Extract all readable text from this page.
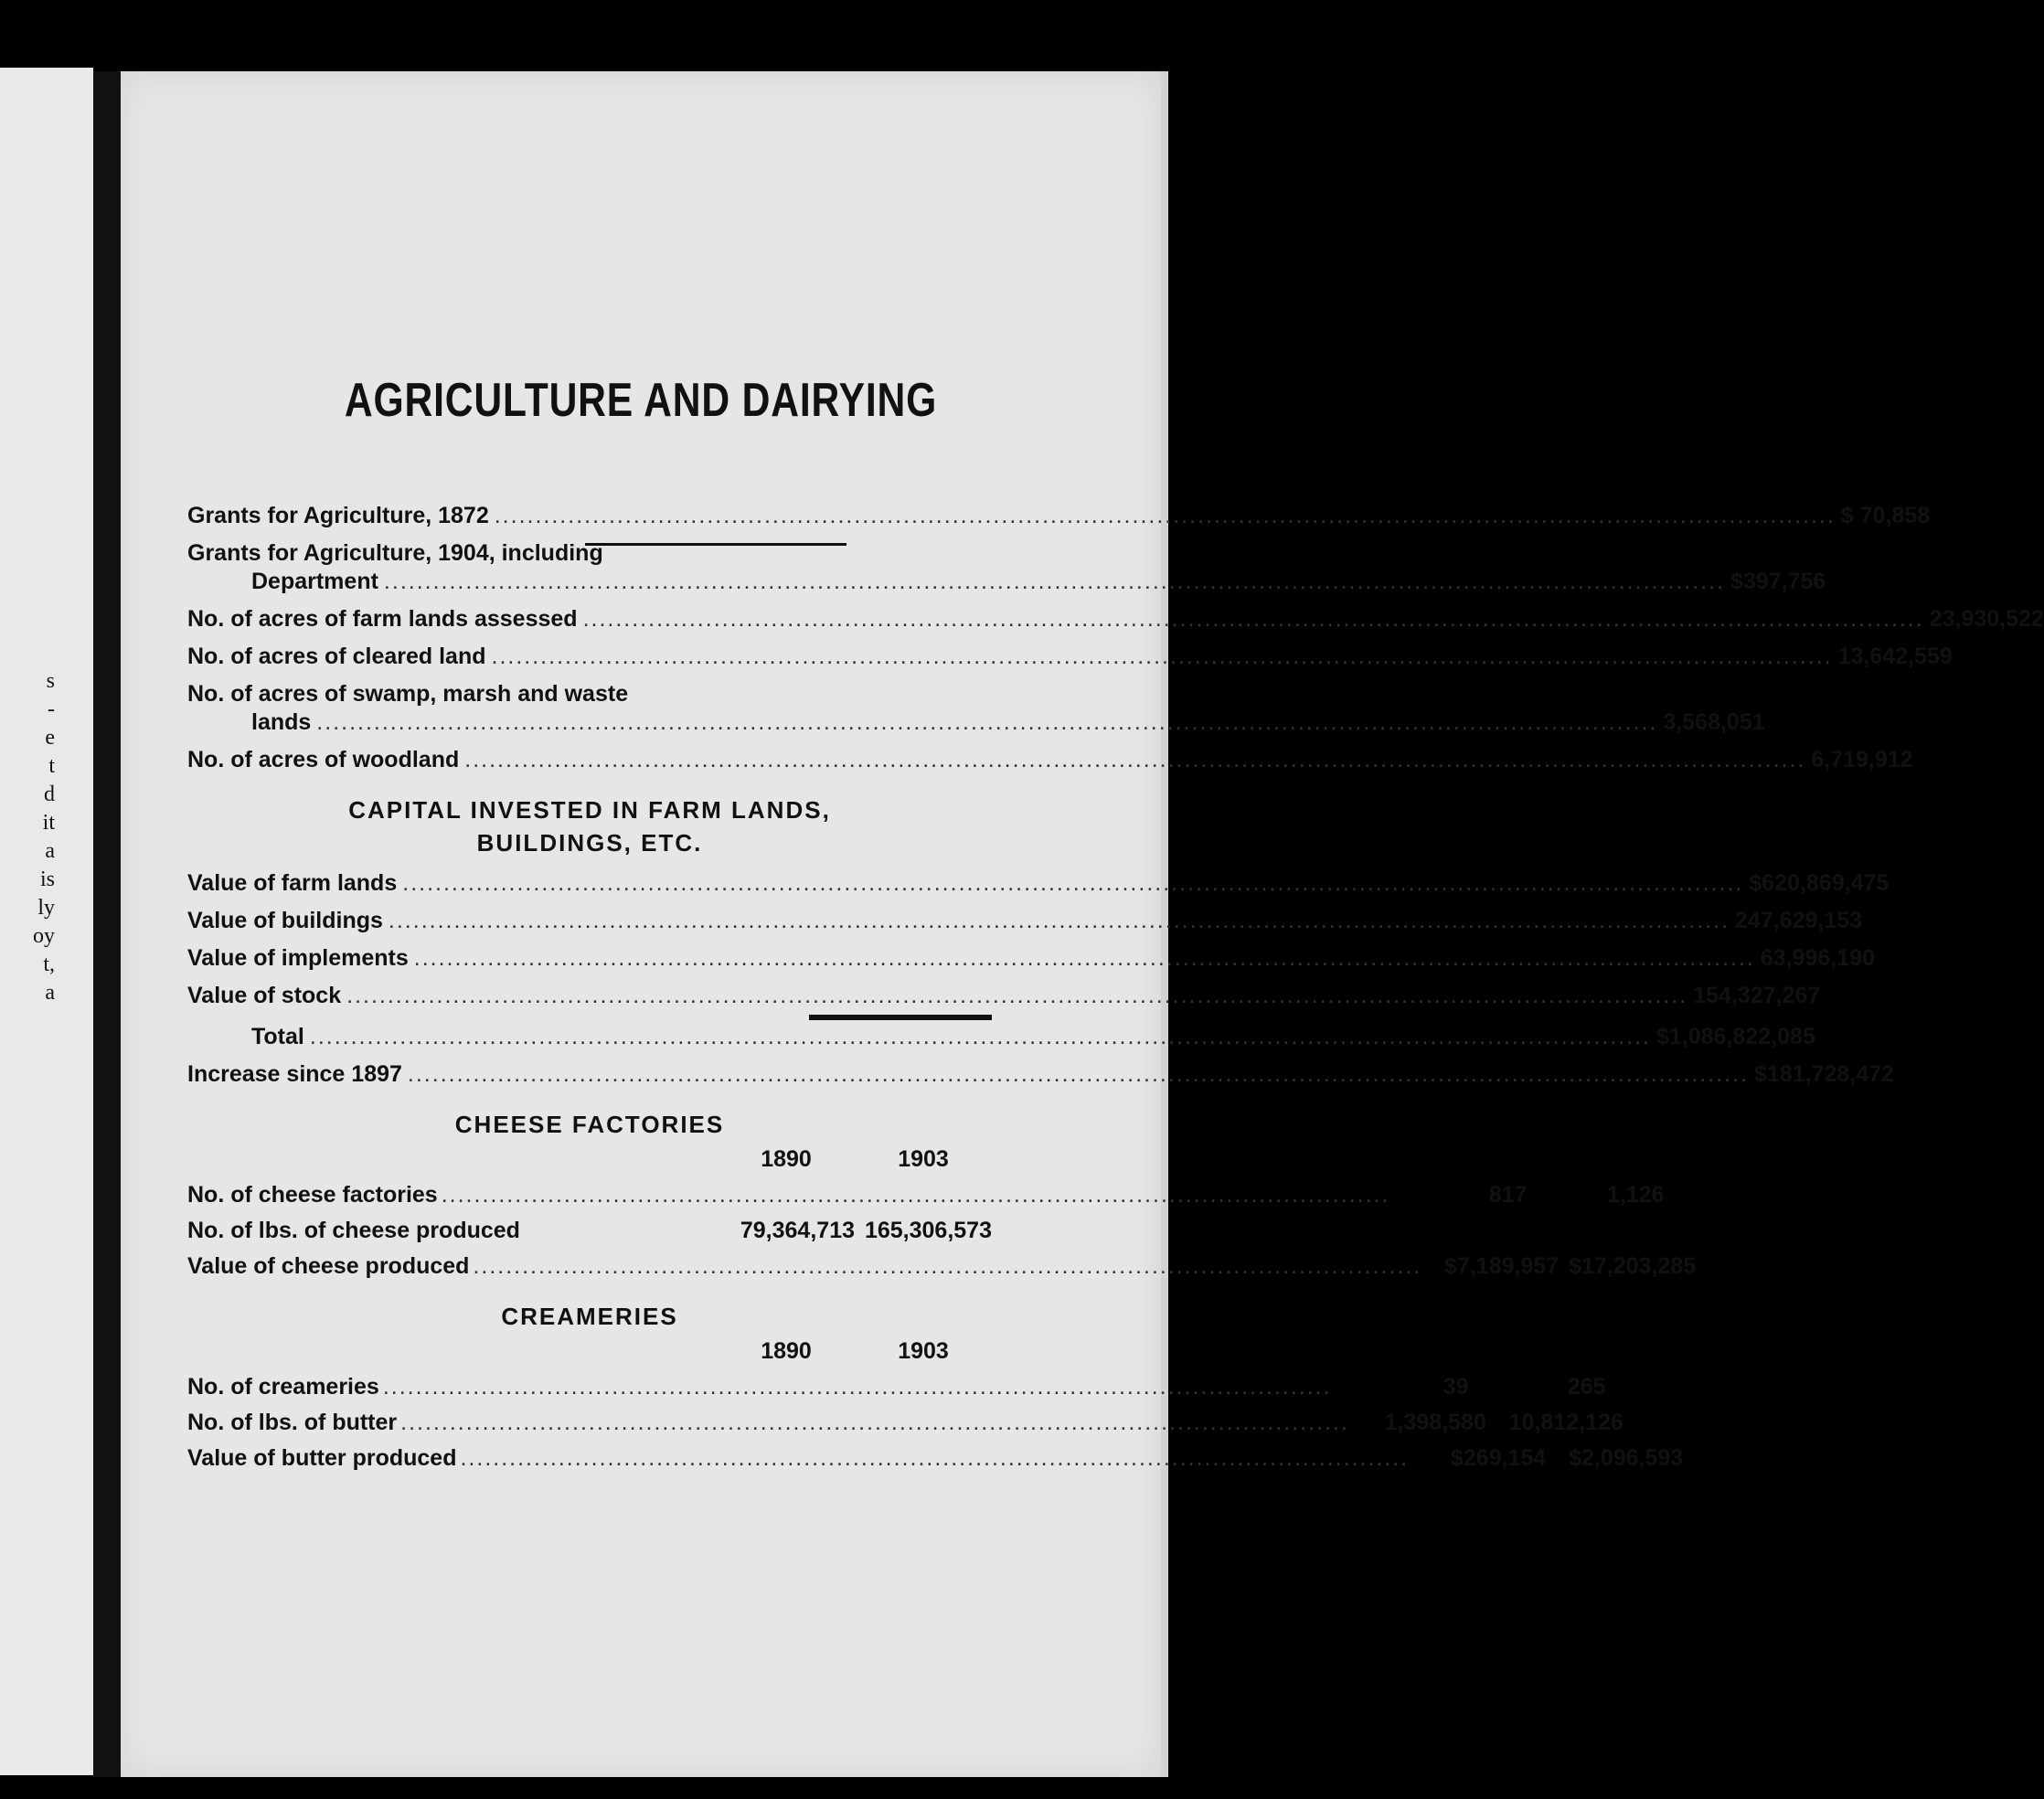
s
-
e
t
d
it
a
is
ly
oy
t,
a
AGRICULTURE AND DAIRYING
Grants for Agriculture, 1872 .....	$ 70,858
Grants for Agriculture, 1904, including
Department .....	$397,756
No. of acres of farm lands assessed .....	23,930,522
No. of acres of cleared land .....	13,642,559
No. of acres of swamp, marsh and waste
lands .....	3,568,051
No. of acres of woodland .....	6,719,912
CAPITAL INVESTED IN FARM LANDS,
BUILDINGS, ETC.
Value of farm lands .....	$620,869,475
Value of buildings .....	247,629,153
Value of implements .....	63,996,190
Value of stock .....	154,327,267
Total .....	$1,086,822,085
Increase since 1897 .....	$181,728,472
CHEESE FACTORIES
1890	1903
No. of cheese factories .....	817	1,126
No. of lbs. of cheese produced	79,364,713 165,306,573
Value of cheese produced .....	$7,189,957 $17,203,285
CREAMERIES
1890	1903
No. of creameries .....	39	265
No. of lbs. of butter .....	1,398,580 10,812,126
Value of butter produced .....	$269,154 $2,096,593
